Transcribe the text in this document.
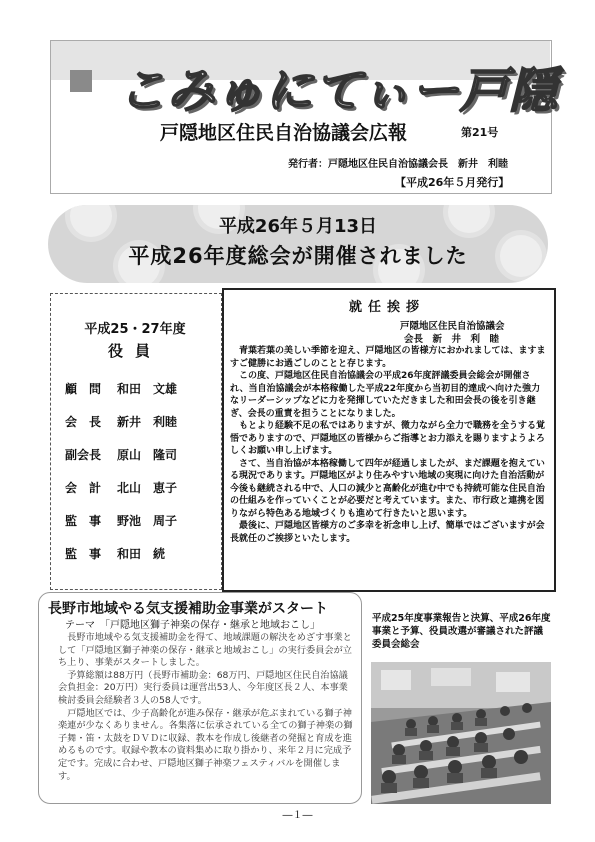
こみゅにてぃー戸隠
戸隠地区住民自治協議会広報	第21号
発行者：戸隠地区住民自治協議会長　新井　利睦
【平成26年５月発行】
平成26年５月13日
平成26年度総会が開催されました
平成25・27年度
役員
顧　問 和田　文雄
会　長 新井　利睦
副会長 原山　隆司
会　計 北山　恵子
監　事 野池　周子
監　事 和田　続
就任挨拶
戸隠地区住民自治協議会
会長　新　井　利　睦

青葉若葉の美しい季節を迎え、戸隠地区の皆様方におかれましては、ますますご健勝にお過ごしのことと存じます。

この度、戸隠地区住民自治協議会の平成26年度評議委員会総会が開催され、当自治協議会が本格稼働した平成22年度から当初目的達成へ向けた強力なリーダーシップなどに力を発揮していただきました和田会長の後を引き継ぎ、会長の重責を担うことになりました。

もとより経験不足の私ではありますが、微力ながら全力で職務を全うする覚悟でありますので、戸隠地区の皆様からご指導とお力添えを賜りますようよろしくお願い申し上げます。

さて、当自治協が本格稼働して四年が経過しましたが、まだ課題を抱えている現況であります。戸隠地区がより住みやすい地域の実現に向けた自治活動が今後も継続される中で、人口の減少と高齢化が進む中でも持続可能な住民自治の仕組みを作っていくことが必要だと考えています。また、市行政と連携を図りながら特色ある地域づくりも進めて行きたいと思います。

最後に、戸隠地区皆様方のご多幸を祈念申し上げ、簡単ではございますが会長就任のご挨拶といたします。

長野市地域やる気支援補助金事業がスタート
テーマ　「戸隠地区獅子神楽の保存・継承と地域おこし」

長野市地域やる気支援補助金を得て、地域課題の解決をめざす事業として「戸隠地区獅子神楽の保存・継承と地域おこし」の実行委員会が立ち上り、事業がスタートしました。

予算総額は88万円（長野市補助金：68万円、戸隠地区住民自治協議会負担金：20万円）実行委員は運営出53人、今年度区長２人、本事業検討委員会経験者３人の58人です。

戸隠地区では、少子高齢化が進み保存・継承が危ぶまれている獅子神楽連が少なくありません。各集落に伝承されている全ての獅子神楽の獅子舞・笛・太鼓をＤＶＤに収録、教本を作成し後継者の発掘と育成を進めるものです。収録や教本の資料集めに取り掛かり、来年２月に完成予定です。完成に合わせ、戸隠地区獅子神楽フェスティバルを開催します。

平成25年度事業報告と決算、平成26年度事業と予算、役員改選が審議された評議委員会総会
―１―
